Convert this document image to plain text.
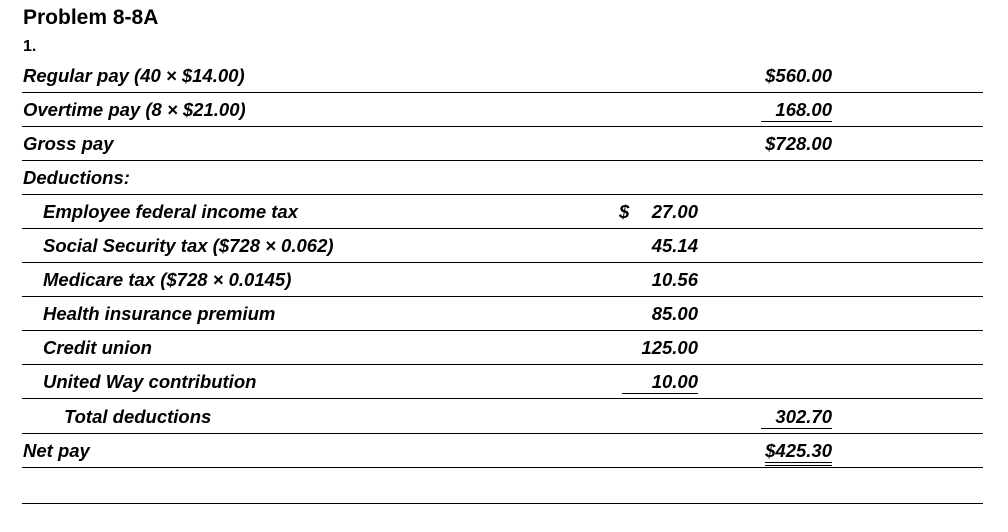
Problem 8-8A
1.
Regular pay (40 × $14.00)	$560.00
Overtime pay (8 × $21.00)	168.00
Gross pay	$728.00
Deductions:
Employee federal income tax	$ 27.00
Social Security tax ($728 × 0.062)	45.14
Medicare tax ($728 × 0.0145)	10.56
Health insurance premium	85.00
Credit union	125.00
United Way contribution	10.00
Total deductions	302.70
Net pay	$425.30
